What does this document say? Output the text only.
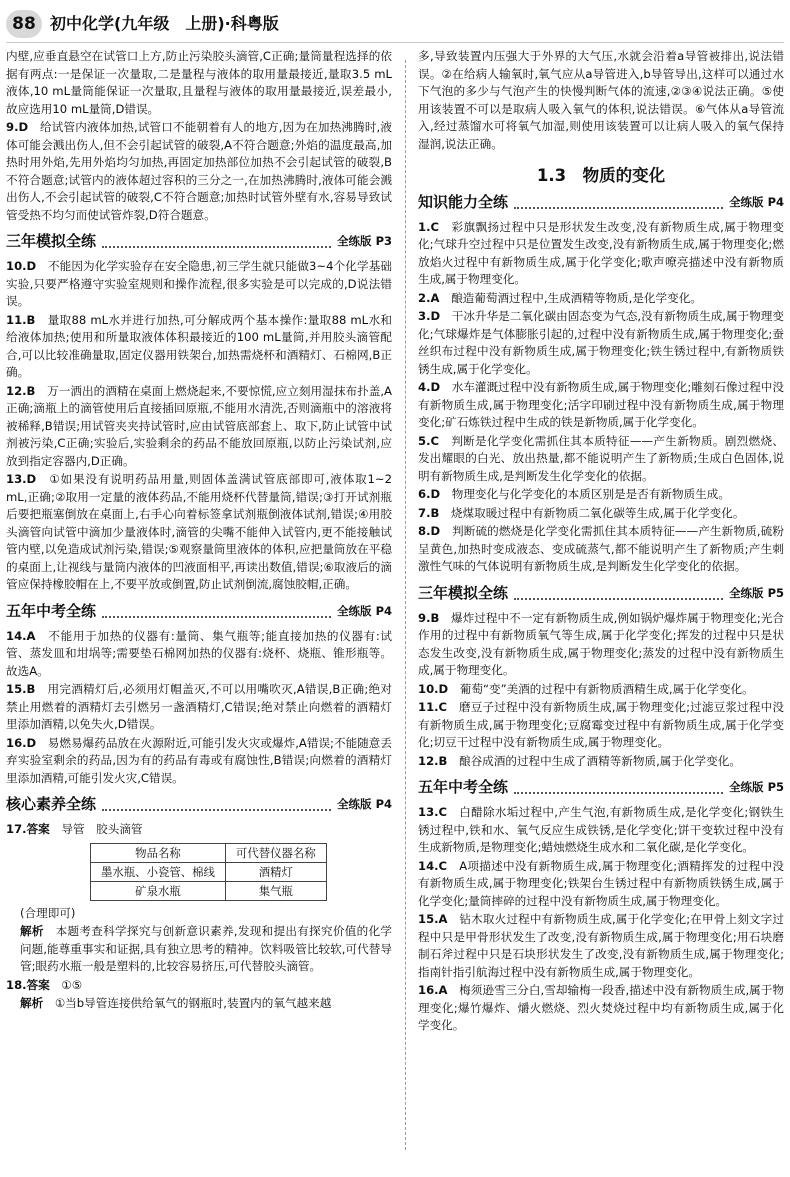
88 初中化学(九年级　上册)·科粤版

内壁,应垂直悬空在试管口上方,防止污染胶头滴管,C正确;量筒量程选择的依据有两点:一是保证一次量取,二是量程与液体的取用量最接近,量取3.5 mL液体,10 mL量筒能保证一次量取,且量程与液体的取用量最接近,误差最小,故应选用10 mL量筒,D错误。

9.D　 给试管内液体加热,试管口不能朝着有人的地方,因为在加热沸腾时,液体可能会溅出伤人,但不会引起试管的破裂,A不符合题意;外焰的温度最高,加热时用外焰,先用外焰均匀加热,再固定加热部位加热不会引起试管的破裂,B不符合题意;试管内的液体超过容积的三分之一,在加热沸腾时,液体可能会溅出伤人,不会引起试管的破裂,C不符合题意;加热时试管外壁有水,容易导致试管受热不均匀而使试管炸裂,D符合题意。

三年模拟全练	全练版 P3

10.D　 不能因为化学实验存在安全隐患,初三学生就只能做3~4个化学基础实验,只要严格遵守实验室规则和操作流程,很多实验是可以完成的,D说法错误。

11.B　 量取88 mL水并进行加热,可分解成两个基本操作:量取88 mL水和给液体加热;使用和所量取液体体积最接近的100 mL量筒,并用胶头滴管配合,可以比较准确量取,固定仪器用铁架台,加热需烧杯和酒精灯、石棉网,B正确。

12.B　 万一洒出的酒精在桌面上燃烧起来,不要惊慌,应立刻用湿抹布扑盖,A正确;滴瓶上的滴管使用后直接插回原瓶,不能用水清洗,否则滴瓶中的溶液将被稀释,B错误;用试管夹夹持试管时,应由试管底部套上、取下,防止试管中试剂被污染,C正确;实验后,实验剩余的药品不能放回原瓶,以防止污染试剂,应放到指定容器内,D正确。

13.D　 ①如果没有说明药品用量,则固体盖满试管底部即可,液体取1~2 mL,正确;②取用一定量的液体药品,不能用烧杯代替量筒,错误;③打开试剂瓶后要把瓶塞倒放在桌面上,右手心向着标签拿试剂瓶倒液体试剂,错误;④用胶头滴管向试管中滴加少量液体时,滴管的尖嘴不能伸入试管内,更不能接触试管内壁,以免造成试剂污染,错误;⑤观察量筒里液体的体积,应把量筒放在平稳的桌面上,让视线与量筒内液体的凹液面相平,再读出数值,错误;⑥取液后的滴管应保持橡胶帽在上,不要平放或倒置,防止试剂倒流,腐蚀胶帽,正确。

五年中考全练	全练版 P4

14.A　 不能用于加热的仪器有:量筒、集气瓶等;能直接加热的仪器有:试管、蒸发皿和坩埚等;需要垫石棉网加热的仪器有:烧杯、烧瓶、锥形瓶等。故选A。

15.B　 用完酒精灯后,必须用灯帽盖灭,不可以用嘴吹灭,A错误,B正确;绝对禁止用燃着的酒精灯去引燃另一盏酒精灯,C错误;绝对禁止向燃着的酒精灯里添加酒精,以免失火,D错误。

16.D　 易燃易爆药品放在火源附近,可能引发火灾或爆炸,A错误;不能随意丢弃实验室剩余的药品,因为有的药品有毒或有腐蚀性,B错误;向燃着的酒精灯里添加酒精,可能引发火灾,C错误。

核心素养全练	全练版 P4

17.答案　 导管　胶头滴管

物品名称	可代替仪器名称
墨水瓶、小瓷管、棉线	酒精灯
矿泉水瓶	集气瓶

(合理即可)

解析　 本题考查科学探究与创新意识素养,发现和提出有探究价值的化学问题,能尊重事实和证据,具有独立思考的精神。饮料吸管比较软,可代替导管;眼药水瓶一般是塑料的,比较容易挤压,可代替胶头滴管。

18.答案　 ①⑤

解析　 ①当b导管连接供给氧气的钢瓶时,装置内的氧气越来越

多,导致装置内压强大于外界的大气压,水就会沿着a导管被排出,说法错误。②在给病人输氧时,氧气应从a导管进入,b导管导出,这样可以通过水下气泡的多少与气泡产生的快慢判断气体的流速,②③④说法正确。⑤使用该装置不可以是取病人吸入氧气的体积,说法错误。⑥气体从a导管流入,经过蒸馏水可将氧气加湿,则使用该装置可以让病人吸入的氧气保持湿润,说法正确。

1.3　物质的变化
知识能力全练	全练版 P4

1.C　 彩旗飘扬过程中只是形状发生改变,没有新物质生成,属于物理变化;气球升空过程中只是位置发生改变,没有新物质生成,属于物理变化;燃放焰火过程中有新物质生成,属于化学变化;歌声嘹亮描述中没有新物质生成,属于物理变化。

2.A　 酿造葡萄酒过程中,生成酒精等物质,是化学变化。

3.D　 干冰升华是二氧化碳由固态变为气态,没有新物质生成,属于物理变化;气球爆炸是气体膨胀引起的,过程中没有新物质生成,属于物理变化;蚕丝织布过程中没有新物质生成,属于物理变化;铁生锈过程中,有新物质铁锈生成,属于化学变化。

4.D　 水车灌溉过程中没有新物质生成,属于物理变化;雕刻石像过程中没有新物质生成,属于物理变化;活字印刷过程中没有新物质生成,属于物理变化;矿石炼铁过程中生成的铁是新物质,属于化学变化。

5.C　 判断是化学变化需抓住其本质特征——产生新物质。剧烈燃烧、发出耀眼的白光、放出热量,都不能说明产生了新物质;生成白色固体,说明有新物质生成,是判断发生化学变化的依据。

6.D　 物理变化与化学变化的本质区别是是否有新物质生成。

7.B　 烧煤取暖过程中有新物质二氧化碳等生成,属于化学变化。

8.D　 判断硫的燃烧是化学变化需抓住其本质特征——产生新物质,硫粉呈黄色,加热时变成液态、变成硫蒸气,都不能说明产生了新物质;产生刺激性气味的气体说明有新物质生成,是判断发生化学变化的依据。

三年模拟全练	全练版 P5

9.B　 爆炸过程中不一定有新物质生成,例如锅炉爆炸属于物理变化;光合作用的过程中有新物质氧气等生成,属于化学变化;挥发的过程中只是状态发生改变,没有新物质生成,属于物理变化;蒸发的过程中没有新物质生成,属于物理变化。

10.D　 葡萄“变”美酒的过程中有新物质酒精生成,属于化学变化。

11.C　 磨豆子过程中没有新物质生成,属于物理变化;过滤豆浆过程中没有新物质生成,属于物理变化;豆腐霉变过程中有新物质生成,属于化学变化;切豆干过程中没有新物质生成,属于物理变化。

12.B　 酿谷成酒的过程中生成了酒精等新物质,属于化学变化。

五年中考全练	全练版 P5

13.C　 白醋除水垢过程中,产生气泡,有新物质生成,是化学变化;钢铁生锈过程中,铁和水、氧气反应生成铁锈,是化学变化;饼干变软过程中没有生成新物质,是物理变化;蜡烛燃烧生成水和二氧化碳,是化学变化。

14.C　 A项描述中没有新物质生成,属于物理变化;酒精挥发的过程中没有新物质生成,属于物理变化;铁架台生锈过程中有新物质铁锈生成,属于化学变化;量筒摔碎的过程中没有新物质生成,属于物理变化。

15.A　 钻木取火过程中有新物质生成,属于化学变化;在甲骨上刻文字过程中只是甲骨形状发生了改变,没有新物质生成,属于物理变化;用石块磨制石斧过程中只是石块形状发生了改变,没有新物质生成,属于物理变化;指南针指引航海过程中没有新物质生成,属于物理变化。

16.A　 梅须逊雪三分白,雪却输梅一段香,描述中没有新物质生成,属于物理变化;爆竹爆炸、爝火燃烧、烈火焚烧过程中均有新物质生成,属于化学变化。
